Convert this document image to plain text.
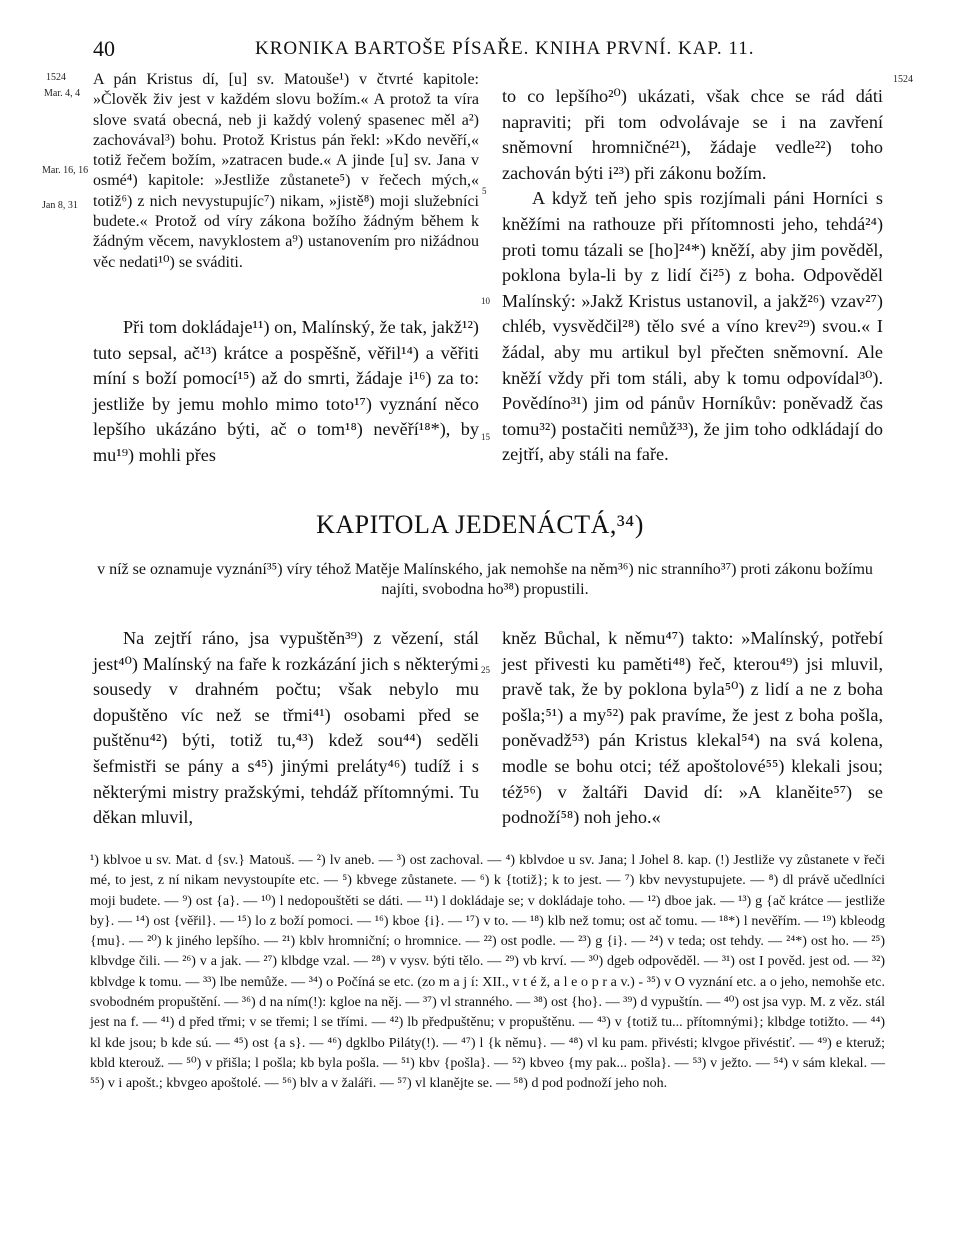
40	KRONIKA BARTOŠE PÍSAŘE. KNIHA PRVNÍ. KAP. 11.
1524
Mar. 4, 4
Mar. 16, 16
Jan 8, 31
1524
5
10
15
25

A pán Kristus dí, [u] sv. Matouše¹) v čtvrté kapitole: »Člověk živ jest v každém slovu božím.« A protož ta víra slove svatá obecná, neb ji každý volený spasenec měl a²) zachovával³) bohu. Protož Kristus pán řekl: »Kdo nevěří,« totiž řečem božím, »zatracen bude.« A jinde [u] sv. Jana v osmé⁴) kapitole: »Jestliže zůstanete⁵) v řečech mých,« totiž⁶) z nich nevystupujíc⁷) nikam, »jistě⁸) moji služebníci budete.« Protož od víry zákona božího žádným během k žádným věcem, navyklostem a⁹) ustanovením pro nižádnou věc nedati¹⁰) se sváditi.

Při tom dokládaje¹¹) on, Malínský, že tak, jakž¹²) tuto sepsal, ač¹³) krátce a pospěšně, věřil¹⁴) a věřiti míní s boží pomocí¹⁵) až do smrti, žádaje i¹⁶) za to: jestliže by jemu mohlo mimo toto¹⁷) vyznání něco lepšího ukázáno býti, ač o tom¹⁸) nevěří¹⁸*), by mu¹⁹) mohli přes

to co lepšího²⁰) ukázati, však chce se rád dáti napraviti; při tom odvolávaje se i na zavření sněmovní hromničné²¹), žádaje vedle²²) toho zachován býti i²³) při zákonu božím.

A když teň jeho spis rozjímali páni Horníci s kněžími na rathouze při přítomnosti jeho, tehdá²⁴) proti tomu tázali se [ho]²⁴*) kněží, aby jim pověděl, poklona byla-li by z lidí či²⁵) z boha. Odpověděl Malínský: »Jakž Kristus ustanovil, a jakž²⁶) vzav²⁷) chléb, vysvědčil²⁸) tělo své a víno krev²⁹) svou.« I žádal, aby mu artikul byl přečten sněmovní. Ale kněží vždy při tom stáli, aby k tomu odpovídal³⁰). Povědíno³¹) jim od pánův Horníkův: poněvadž čas tomu³²) postačiti nemůž³³), že jim toho odkládají do zejtří, aby stáli na faře.

KAPITOLA JEDENÁCTÁ,³⁴)
v níž se oznamuje vyznání³⁵) víry téhož Matěje Malínského, jak nemohše na něm³⁶) nic stranního³⁷) proti zákonu božímu najíti, svobodna ho³⁸) propustili.

Na zejtří ráno, jsa vypuštěn³⁹) z vězení, stál jest⁴⁰) Malínský na faře k rozkázání jich s některými sousedy v drahném počtu; však nebylo mu dopuštěno víc než se třmi⁴¹) osobami před se puštěnu⁴²) býti, totiž tu,⁴³) kdež sou⁴⁴) seděli šefmistři se pány a s⁴⁵) jinými preláty⁴⁶) tudíž i s některými mistry pražskými, tehdáž přítomnými. Tu děkan mluvil,

kněz Bůchal, k němu⁴⁷) takto: »Malínský, potřebí jest přivesti ku paměti⁴⁸) řeč, kterou⁴⁹) jsi mluvil, pravě tak, že by poklona byla⁵⁰) z lidí a ne z boha pošla;⁵¹) a my⁵²) pak pravíme, že jest z boha pošla, poněvadž⁵³) pán Kristus klekal⁵⁴) na svá kolena, modle se bohu otci; též apoštolové⁵⁵) klekali jsou; též⁵⁶) v žaltáři David dí: »A klaněite⁵⁷) se podnoží⁵⁸) noh jeho.«

¹) kblvoe u sv. Mat. d {sv.} Matouš. — ²) lv aneb. — ³) ost zachoval. — ⁴) kblvdoe u sv. Jana; l Johel 8. kap. (!) Jestliže vy zůstanete v řeči mé, to jest, z ní nikam nevystoupíte etc. — ⁵) kbvege zůstanete. — ⁶) k {totiž}; k to jest. — ⁷) kbv nevystupujete. — ⁸) dl právě učedlníci moji budete. — ⁹) ost {a}. — ¹⁰) l nedopouštěti se dáti. — ¹¹) l dokládaje se; v dokládaje toho. — ¹²) dboe jak. — ¹³) g {ač krátce — jestliže by}. — ¹⁴) ost {věřil}. — ¹⁵) lo z boží pomoci. — ¹⁶) kboe {i}. — ¹⁷) v to. — ¹⁸) klb než tomu; ost ač tomu. — ¹⁸*) l nevěřím. — ¹⁹) kbleodg {mu}. — ²⁰) k jiného lepšího. — ²¹) kblv hromniční; o hromnice. — ²²) ost podle. — ²³) g {i}. — ²⁴) v teda; ost tehdy. — ²⁴*) ost ho. — ²⁵) klbvdge čili. — ²⁶) v a jak. — ²⁷) klbdge vzal. — ²⁸) v vysv. býti tělo. — ²⁹) vb krví. — ³⁰) dgeb odpověděl. — ³¹) ost I pověd. jest od. — ³²) kblvdge k tomu. — ³³) lbe nemůže. — ³⁴) o Počíná se etc. (zo m a j í: XII., v t é ž, a l e o p r a v.) - ³⁵) v O vyznání etc. a o jeho, nemohše etc. svobodném propuštění. — ³⁶) d na ním(!): kgloe na něj. — ³⁷) vl stranného. — ³⁸) ost {ho}. — ³⁹) d vypuštín. — ⁴⁰) ost jsa vyp. M. z věz. stál jest na f. — ⁴¹) d před třmi; v se třemi; l se třími. — ⁴²) lb předpuštěnu; v propuštěnu. — ⁴³) v {totiž tu... přítomnými}; klbdge totižto. — ⁴⁴) kl kde jsou; b kde sú. — ⁴⁵) ost {a s}. — ⁴⁶) dgklbo Piláty(!). — ⁴⁷) l {k němu}. — ⁴⁸) vl ku pam. přivésti; klvgoe přivéstiť. — ⁴⁹) e kteruž; kbld kterouž. — ⁵⁰) v přišla; l pošla; kb byla pošla. — ⁵¹) kbv {pošla}. — ⁵²) kbveo {my pak... pošla}. — ⁵³) v ježto. — ⁵⁴) v sám klekal. — ⁵⁵) v i apošt.; kbvgeo apoštolé. — ⁵⁶) blv a v žaláři. — ⁵⁷) vl klanějte se. — ⁵⁸) d pod podnoží jeho noh.
